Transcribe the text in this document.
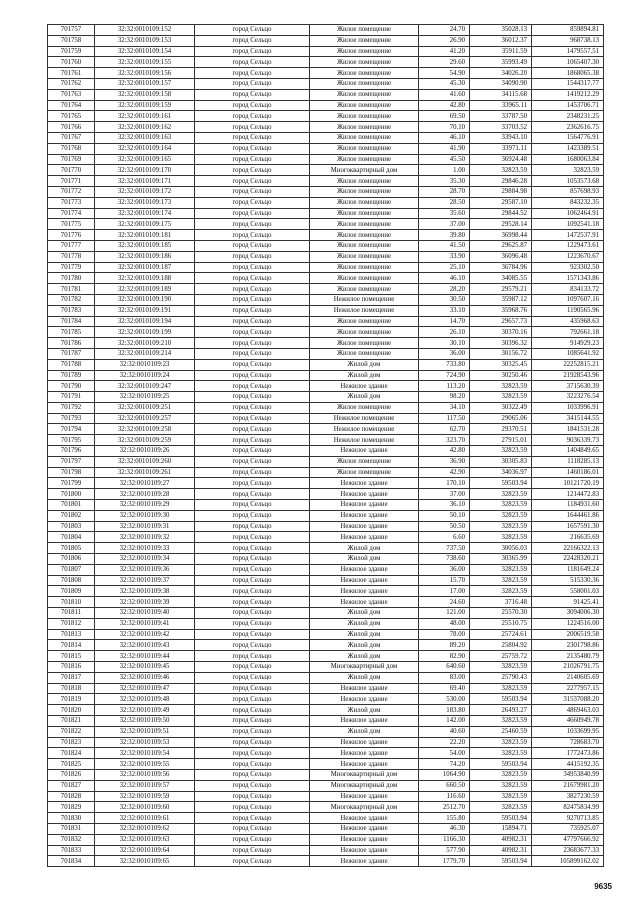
701757	32:32:0010109:152	город Сельцо	Жилое помещение	24.70	35028.13	859894.81
701758	32:32:0010109:153	город Сельцо	Жилое помещение	26.90	36012.37	968738.13
701759	32:32:0010109:154	город Сельцо	Жилое помещение	41.20	35911.59	1479557.51
701760	32:32:0010109:155	город Сельцо	Жилое помещение	29.60	35993.49	1065407.30
701761	32:32:0010109:156	город Сельцо	Жилое помещение	54.90	34026.20	1868065.38
701762	32:32:0010109:157	город Сельцо	Жилое помещение	45.30	34090.90	1544317.77
701763	32:32:0010109:158	город Сельцо	Жилое помещение	41.60	34115.68	1419212.29
701764	32:32:0010109:159	город Сельцо	Жилое помещение	42.80	33965.11	1453706.71
701765	32:32:0010109:161	город Сельцо	Жилое помещение	69.50	33787.50	2348231.25
701766	32:32:0010109:162	город Сельцо	Жилое помещение	70.10	33703.52	2362616.75
701767	32:32:0010109:163	город Сельцо	Жилое помещение	46.10	33943.10	1564776.91
701768	32:32:0010109:164	город Сельцо	Жилое помещение	41.90	33971.11	1423389.51
701769	32:32:0010109:165	город Сельцо	Жилое помещение	45.50	36924.48	1680063.84
701770	32:32:0010109:170	город Сельцо	Многоквартирный дом	1.00	32823.59	32823.59
701771	32:32:0010109:171	город Сельцо	Жилое помещение	35.30	29846.28	1053573.68
701772	32:32:0010109:172	город Сельцо	Жилое помещение	28.70	29884.98	857698.93
701773	32:32:0010109:173	город Сельцо	Жилое помещение	28.50	29587.10	843232.35
701774	32:32:0010109:174	город Сельцо	Жилое помещение	35.60	29844.52	1062464.91
701775	32:32:0010109:175	город Сельцо	Жилое помещение	37.00	29528.14	1092541.18
701776	32:32:0010109:181	город Сельцо	Жилое помещение	39.80	36998.44	1472537.91
701777	32:32:0010109:185	город Сельцо	Жилое помещение	41.50	29625.87	1229473.61
701778	32:32:0010109:186	город Сельцо	Жилое помещение	33.90	36096.48	1223670.67
701779	32:32:0010109:187	город Сельцо	Жилое помещение	25.10	36784.96	923302.50
701780	32:32:0010109:188	город Сельцо	Жилое помещение	46.10	34085.55	1571343.86
701781	32:32:0010109:189	город Сельцо	Жилое помещение	28.20	29579.21	834133.72
701782	32:32:0010109:190	город Сельцо	Нежилое помещение	30.50	35987.12	1097607.16
701783	32:32:0010109:191	город Сельцо	Нежилое помещение	33.10	35968.76	1190565.96
701784	32:32:0010109:194	город Сельцо	Жилое помещение	14.70	29657.73	435968.63
701785	32:32:0010109:199	город Сельцо	Жилое помещение	26.10	30370.16	792661.18
701786	32:32:0010109:210	город Сельцо	Жилое помещение	30.10	30396.32	914929.23
701787	32:32:0010109:214	город Сельцо	Жилое помещение	36.00	30156.72	1085641.92
701788	32:32:0010109:23	город Сельцо	Жилой дом	733.80	30325.45	22252815.21
701789	32:32:0010109:24	город Сельцо	Жилой дом	724.90	30250.46	21928543.96
701790	32:32:0010109:247	город Сельцо	Нежилое здание	113.20	32823.59	3715630.39
701791	32:32:0010109:25	город Сельцо	Жилой дом	98.20	32823.59	3223276.54
701792	32:32:0010109:251	город Сельцо	Жилое помещение	34.10	30322.49	1033996.91
701793	32:32:0010109:257	город Сельцо	Нежилое помещение	117.50	29065.06	3415144.55
701794	32:32:0010109:258	город Сельцо	Нежилое помещение	62.70	29370.51	1841531.28
701795	32:32:0010109:259	город Сельцо	Нежилое помещение	323.70	27915.01	9036339.73
701796	32:32:0010109:26	город Сельцо	Нежилое здание	42.80	32823.59	1404849.65
701797	32:32:0010109:260	город Сельцо	Жилое помещение	36.90	30305.83	1118285.13
701798	32:32:0010109:261	город Сельцо	Жилое помещение	42.90	34036.97	1460186.01
701799	32:32:0010109:27	город Сельцо	Нежилое здание	170.10	59503.94	10121720.19
701800	32:32:0010109:28	город Сельцо	Нежилое здание	37.00	32823.59	1214472.83
701801	32:32:0010109:29	город Сельцо	Нежилое здание	36.10	32823.59	1184931.60
701802	32:32:0010109:30	город Сельцо	Нежилое здание	50.10	32823.59	1644461.86
701803	32:32:0010109:31	город Сельцо	Нежилое здание	50.50	32823.59	1657591.30
701804	32:32:0010109:32	город Сельцо	Нежилое здание	6.60	32823.59	216635.69
701805	32:32:0010109:33	город Сельцо	Жилой дом	737.50	30056.03	22166322.13
701806	32:32:0010109:34	город Сельцо	Жилой дом	738.60	30365.99	22428320.21
701807	32:32:0010109:36	город Сельцо	Нежилое здание	36.00	32823.59	1181649.24
701808	32:32:0010109:37	город Сельцо	Нежилое здание	15.70	32823.59	515330.36
701809	32:32:0010109:38	город Сельцо	Нежилое здание	17.00	32823.59	558001.03
701810	32:32:0010109:39	город Сельцо	Нежилое здание	24.60	3716.48	91425.41
701811	32:32:0010109:40	город Сельцо	Жилой дом	121.00	25570.30	3094006.30
701812	32:32:0010109:41	город Сельцо	Жилой дом	48.00	25510.75	1224516.00
701813	32:32:0010109:42	город Сельцо	Жилой дом	78.00	25724.61	2006519.58
701814	32:32:0010109:43	город Сельцо	Жилой дом	89.20	25804.92	2301798.86
701815	32:32:0010109:44	город Сельцо	Жилой дом	82.90	25759.72	2135480.79
701816	32:32:0010109:45	город Сельцо	Многоквартирный дом	640.60	32823.59	21026791.75
701817	32:32:0010109:46	город Сельцо	Жилой дом	83.00	25790.43	2140605.69
701818	32:32:0010109:47	город Сельцо	Нежилое здание	69.40	32823.59	2277957.15
701819	32:32:0010109:48	город Сельцо	Нежилое здание	530.00	59503.94	31537088.20
701820	32:32:0010109:49	город Сельцо	Жилой дом	183.80	26493.27	4869463.03
701821	32:32:0010109:50	город Сельцо	Нежилое здание	142.00	32823.59	4660949.78
701822	32:32:0010109:51	город Сельцо	Жилой дом	40.60	25460.59	1033699.95
701823	32:32:0010109:53	город Сельцо	Нежилое здание	22.20	32823.59	728683.70
701824	32:32:0010109:54	город Сельцо	Нежилое здание	54.00	32823.59	1772473.86
701825	32:32:0010109:55	город Сельцо	Нежилое здание	74.20	59503.94	4415192.35
701826	32:32:0010109:56	город Сельцо	Многоквартирный дом	1064.90	32823.59	34953840.99
701827	32:32:0010109:57	город Сельцо	Многоквартирный дом	660.50	32823.59	21679981.20
701828	32:32:0010109:59	город Сельцо	Нежилое здание	116.60	32823.59	3827230.59
701829	32:32:0010109:60	город Сельцо	Многоквартирный дом	2512.70	32823.59	82475834.99
701830	32:32:0010109:61	город Сельцо	Нежилое здание	155.80	59503.94	9270713.85
701831	32:32:0010109:62	город Сельцо	Нежилое здание	46.30	15894.71	735925.07
701832	32:32:0010109:63	город Сельцо	Нежилое здание	1166.30	40982.31	47797666.92
701833	32:32:0010109:64	город Сельцо	Нежилое здание	577.90	40982.31	23683677.33
701834	32:32:0010109:65	город Сельцо	Нежилое здание	1779.70	59503.94	105899162.02
9635
